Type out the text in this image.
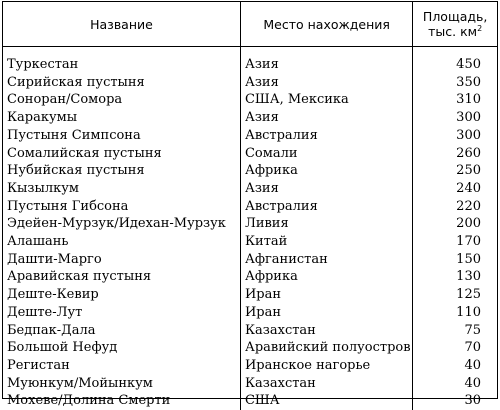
Название	Место нахождения	Площадь,
тыс. $км^2$

Туркестан	Азия	450
Сирийская пустыня	Азия	350
Сонoран/Сомора	США, Мексика	310
Каракумы	Азия	300
Пустыня Симпсона	Австралия	300
Сомалийская пустыня	Сомали	260
Нубийская пустыня	Африка	250
Кызылкум	Азия	240
Пустыня Гибсона	Австралия	220
Эдейен-Мурзук/Идехан-Мурзук	Ливия	200
Алашань	Китай	170
Дашти-Марго	Афганистан	150
Аравийская пустыня	Африка	130
Деште-Кевир	Иран	125
Деште-Лут	Иран	110
Бедпак-Дала	Казахстан	75
Большой Нефуд	Аравийский полуостров	70
Регистан	Иранское нагорье	40
Муюнкум/Мойынкум	Казахстан	40
Мохеве/Долина Смерти	США	30
